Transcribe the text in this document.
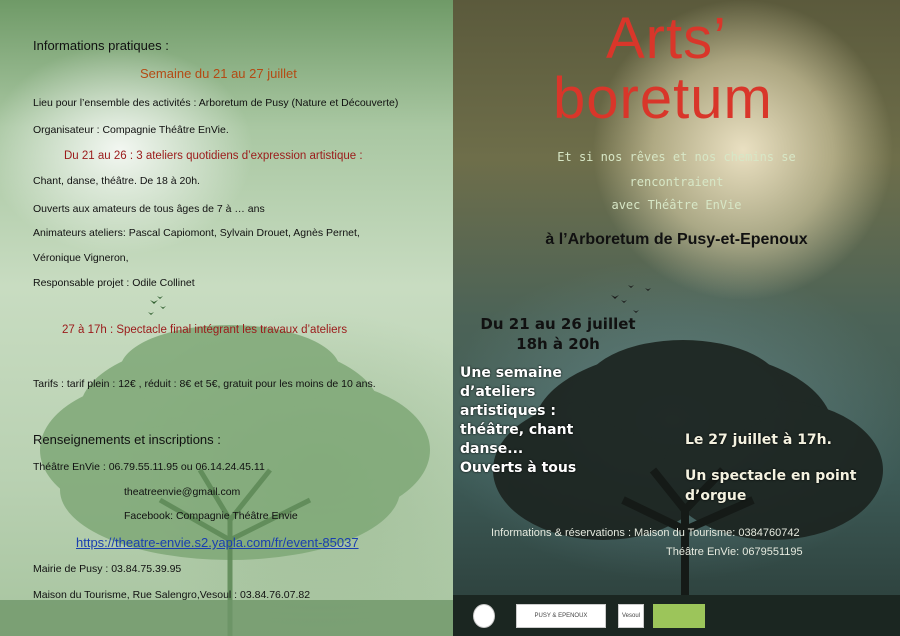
Informations pratiques :
Semaine du 21 au 27 juillet
Lieu pour l’ensemble des activités : Arboretum de Pusy (Nature et Découverte)
Organisateur : Compagnie Théâtre EnVie.
Du 21 au 26 : 3 ateliers quotidiens d’expression artistique :
Chant, danse, théâtre. De 18 à 20h.
Ouverts aux amateurs de tous âges de 7 à … ans
Animateurs ateliers: Pascal Capiomont, Sylvain Drouet, Agnès Pernet,
Véronique Vigneron,
Responsable projet : Odile Collinet
27 à 17h : Spectacle final intégrant les travaux d’ateliers
Tarifs : tarif plein : 12€ , réduit : 8€ et 5€, gratuit pour les moins de 10 ans.
Renseignements et inscriptions :
Théâtre EnVie : 06.79.55.11.95 ou 06.14.24.45.11
theatreenvie@gmail.com
Facebook: Compagnie Théâtre Envie
https://theatre-envie.s2.yapla.com/fr/event-85037
Mairie de Pusy : 03.84.75.39.95
Maison du Tourisme, Rue Salengro,Vesoul : 03.84.76.07.82
Arts’
boretum
Et si nos rêves et nos chemins se
rencontraient
avec Théâtre EnVie
à l’Arboretum de Pusy-et-Epenoux
Du 21 au 26 juillet
18h à 20h
Une semaine
d’ateliers
artistiques :
théâtre, chant
danse...
Ouverts à tous
Le 27 juillet à 17h.
Un spectacle en point
d’orgue
Informations & réservations : Maison du Tourisme: 0384760742
Théâtre EnVie: 0679551195
PUSY & EPENOUX	Vesoul
